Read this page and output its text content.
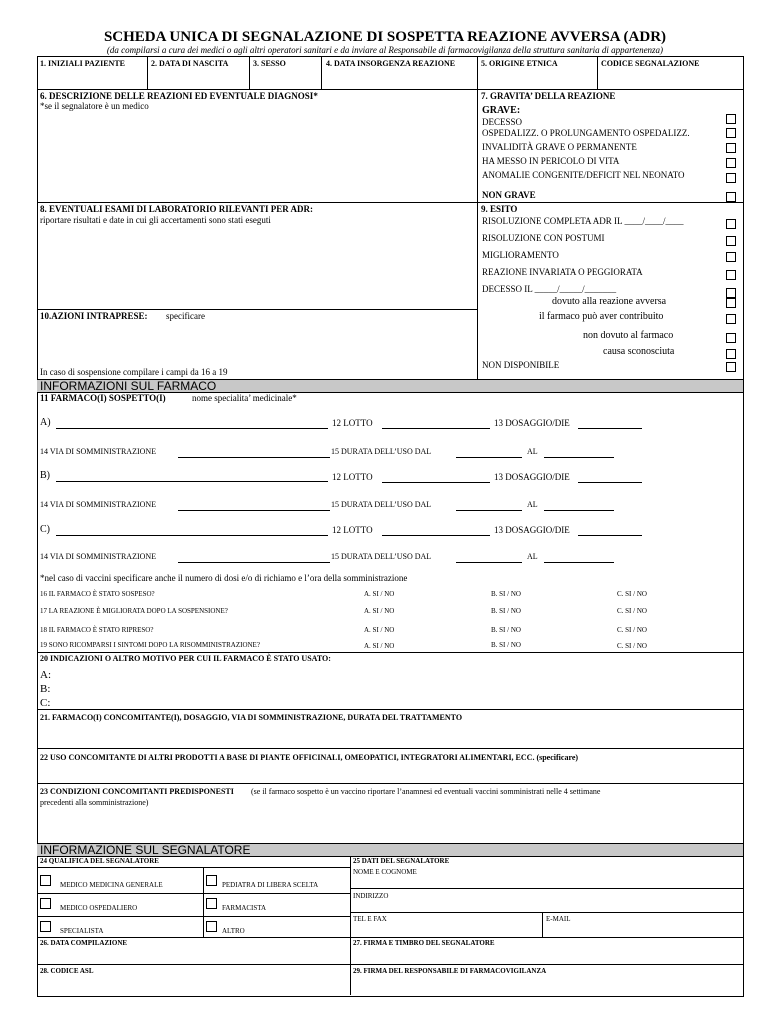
SCHEDA UNICA DI SEGNALAZIONE DI SOSPETTA REAZIONE AVVERSA (ADR)
(da compilarsi a cura dei medici o agli altri operatori sanitari e da inviare al Responsabile di farmacovigilanza della struttura sanitaria di appartenenza)
1. INIZIALI PAZIENTE	2. DATA DI NASCITA	3. SESSO	4. DATA INSORGENZA REAZIONE	5. ORIGINE ETNICA	CODICE SEGNALAZIONE
6. DESCRIZIONE DELLE REAZIONI ED EVENTUALE DIAGNOSI*
*se il segnalatore è un medico
7. GRAVITA’ DELLA REAZIONE
GRAVE:
DECESSO
OSPEDALIZZ. O PROLUNGAMENTO OSPEDALIZZ.
INVALIDITÀ GRAVE O PERMANENTE
HA MESSO IN PERICOLO DI VITA
ANOMALIE CONGENITE/DEFICIT NEL NEONATO
NON GRAVE
8. EVENTUALI ESAMI DI LABORATORIO RILEVANTI PER ADR:
riportare risultati e date in cui gli accertamenti sono stati eseguti
9. ESITO
RISOLUZIONE COMPLETA ADR IL ____/____/____
RISOLUZIONE CON POSTUMI
MIGLIORAMENTO
REAZIONE INVARIATA O PEGGIORATA
DECESSO IL _____/_____/_______
dovuto alla reazione avversa
il farmaco può aver contribuito
non dovuto al farmaco
causa sconosciuta
NON DISPONIBILE
10.AZIONI INTRAPRESE: specificare
In caso di sospensione compilare i campi da 16 a 19
INFORMAZIONI SUL FARMACO
11 FARMACO(I) SOSPETTO(I)	nome specialita’ medicinale*
A)	12 LOTTO	13 DOSAGGIO/DIE
14 VIA DI SOMMINISTRAZIONE	15 DURATA DELL’USO DAL	AL
B)	12 LOTTO	13 DOSAGGIO/DIE
14 VIA DI SOMMINISTRAZIONE	15 DURATA DELL’USO DAL	AL
C)	12 LOTTO	13 DOSAGGIO/DIE
14 VIA DI SOMMINISTRAZIONE	15 DURATA DELL’USO DAL	AL
*nel caso di vaccini specificare anche il numero di dosi e/o di richiamo e l’ora della somministrazione
16 IL FARMACO È STATO SOSPESO?	A. SI / NO	B. SI / NO	C. SI / NO
17 LA REAZIONE È MIGLIORATA DOPO LA SOSPENSIONE?	A. SI / NO	B. SI / NO	C. SI / NO
18 IL FARMACO È STATO RIPRESO?	A. SI / NO	B. SI / NO	C. SI / NO
19 SONO RICOMPARSI I SINTOMI DOPO LA RISOMMINISTRAZIONE?	A. SI / NO	B. SI / NO	C. SI / NO
20 INDICAZIONI O ALTRO MOTIVO PER CUI IL FARMACO È STATO USATO:
A:
B:
C:
21. FARMACO(I) CONCOMITANTE(I), DOSAGGIO, VIA DI SOMMINISTRAZIONE, DURATA DEL TRATTAMENTO
22 USO CONCOMITANTE DI ALTRI PRODOTTI A BASE DI PIANTE OFFICINALI, OMEOPATICI, INTEGRATORI ALIMENTARI, ECC. (specificare)
23 CONDIZIONI CONCOMITANTI PREDISPONESTI (se il farmaco sospetto è un vaccino riportare l’anamnesi ed eventuali vaccini somministrati nelle 4 settimane
precedenti alla somministrazione)
INFORMAZIONE SUL SEGNALATORE
24 QUALIFICA DEL SEGNALATORE	25 DATI DEL SEGNALATORE
NOME E COGNOME
INDIRIZZO
TEL E FAX	E-MAIL
MEDICO MEDICINA GENERALE	PEDIATRA DI LIBERA SCELTA
MEDICO OSPEDALIERO	FARMACISTA
SPECIALISTA	ALTRO
26. DATA COMPILAZIONE	27. FIRMA E TIMBRO DEL SEGNALATORE
28. CODICE ASL	29. FIRMA DEL RESPONSABILE DI FARMACOVIGILANZA
